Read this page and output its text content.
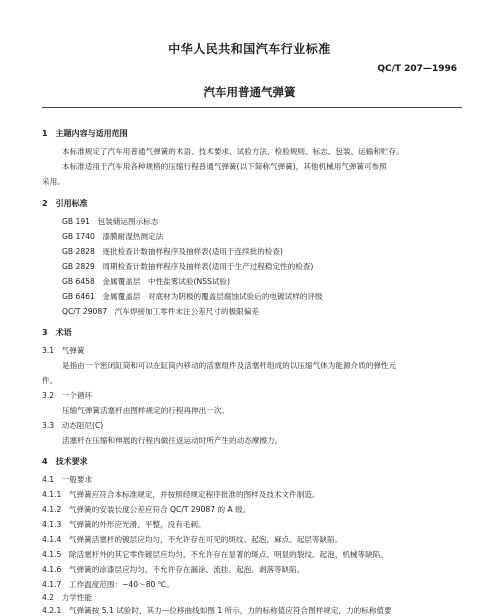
中华人民共和国汽车行业标准
QC/T 207—1996
汽车用普通气弹簧
1　主题内容与适用范围
本标准规定了汽车用普通气弹簧的术语、技术要求、试验方法、检验规则、标志、包装、运输和贮存。
本标准适用于汽车用各种规格的压缩行程普通气弹簧(以下简称气弹簧)，其他机械用气弹簧可参照
采用。
2　引用标准
GB 191　包装储运图示标志
GB 1740　漆膜耐湿热测定法
GB 2828　逐批检查计数抽样程序及抽样表(适用于连续批的检查)
GB 2829　周期检查计数抽样程序及抽样表(适用于生产过程稳定性的检查)
GB 6458　金属覆盖层　中性盐雾试验(NSS试验)
GB 6461　金属覆盖层　对底材为阴极的覆盖层腐蚀试验后的电镀试样的评级
QC/T 29087　汽车焊接加工零件未注公差尺寸的极限偏差
3　术语
3.1　气弹簧
是指由一个密闭缸筒和可以在缸筒内移动的活塞组件及活塞杆组成的以压缩气体为能源介质的弹性元
件。
3.2　一个循环
压缩气弹簧活塞杆由图样规定的行程再伸出一次。
3.3　动态阻尼(C)
活塞杆在压缩和伸展的行程内做往返运动时所产生的动态摩擦力。
4　技术要求
4.1　一般要求
4.1.1　气弹簧应符合本标准规定，并按照经规定程序批准的图样及技术文件制造。
4.1.2　气弹簧的安装长度公差应符合 QC/T 29087 的 A 级。
4.1.3　气弹簧的外形应光滑、平整，没有毛刺。
4.1.4　气弹簧活塞杆的镀层应均匀，不允许存在可见的斑纹、起泡、麻点、起层等缺陷。
4.1.5　除活塞杆外的其它零件镀层应均匀，不允许存在显著的斑点、明显的裂纹、起泡、机械等缺陷。
4.1.6　气弹簧的涂漆层应均匀，不允许存在漏涂、流挂、起泡、剥落等缺陷。
4.1.7　工作温度范围：−40～80 ℃。
4.2　力学性能
4.2.1　气弹簧按 5.1 试验时，其力—位移曲线如图 1 所示，力的标称值应符合图样规定，力的标称值要
